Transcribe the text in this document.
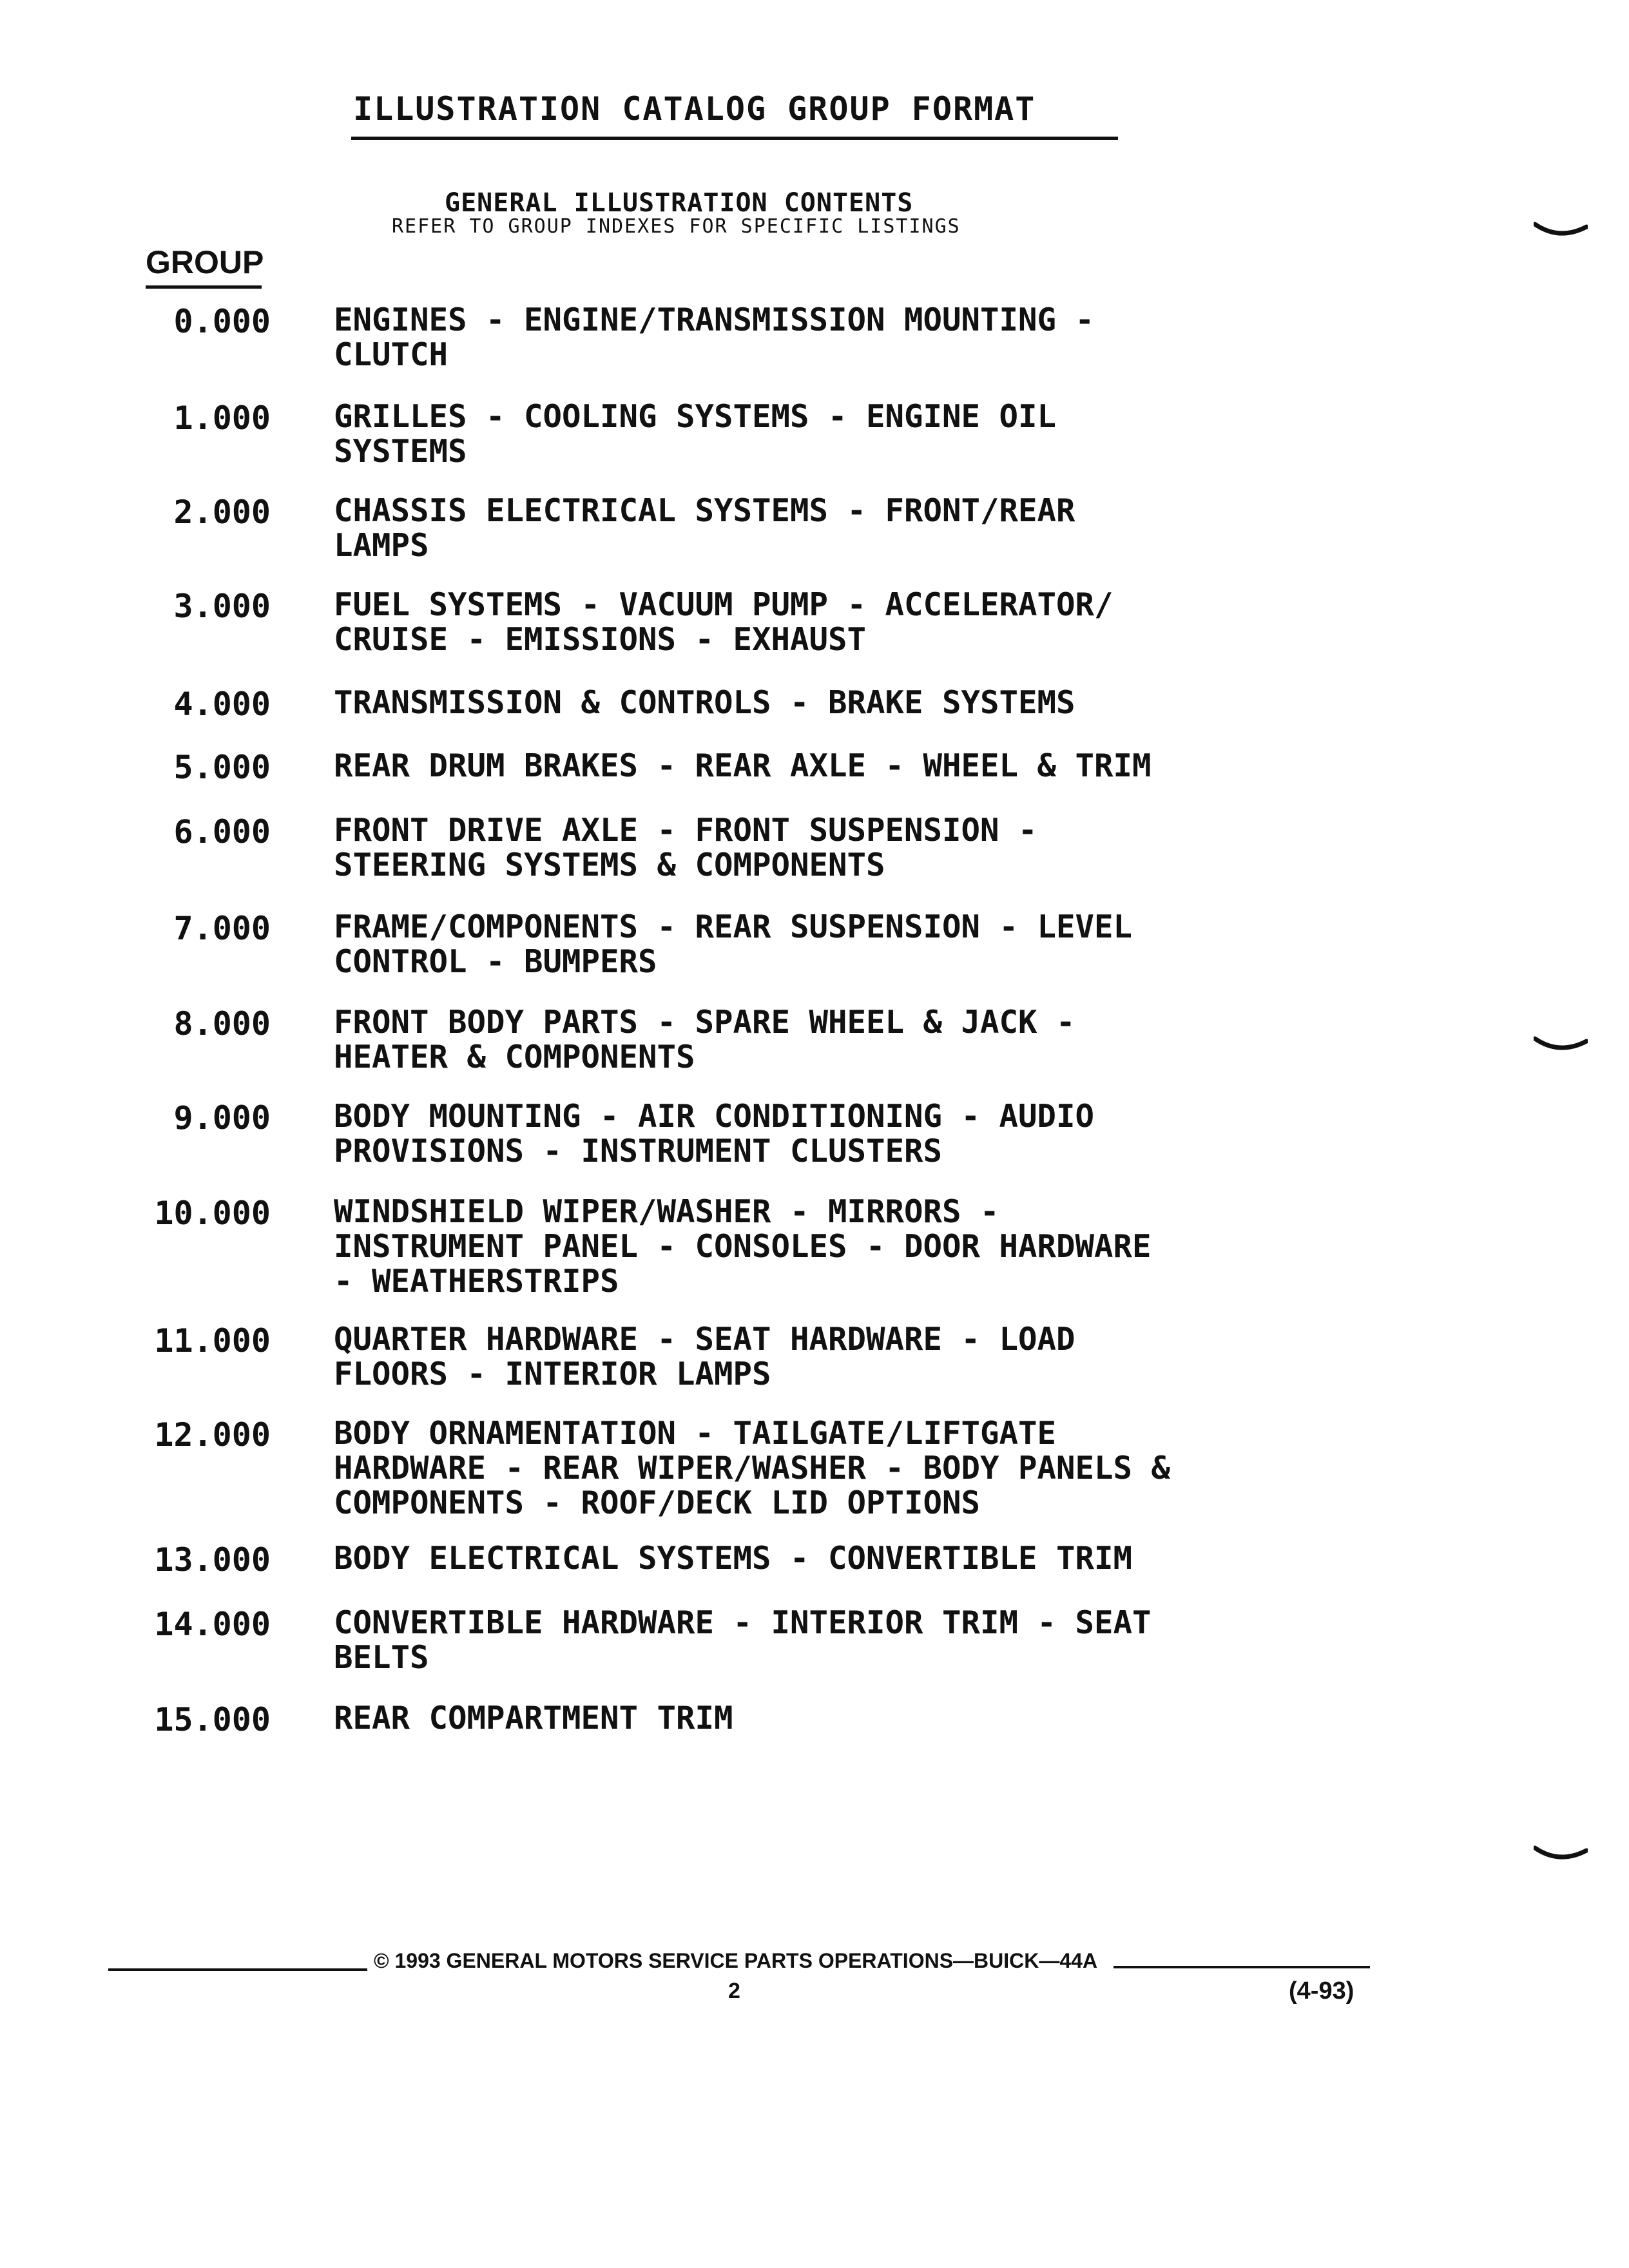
ILLUSTRATION CATALOG GROUP FORMAT
GENERAL ILLUSTRATION CONTENTS
REFER TO GROUP INDEXES FOR SPECIFIC LISTINGS
GROUP
0.000 ENGINES - ENGINE/TRANSMISSION MOUNTING -
CLUTCH
1.000 GRILLES - COOLING SYSTEMS - ENGINE OIL
SYSTEMS
2.000 CHASSIS ELECTRICAL SYSTEMS - FRONT/REAR
LAMPS
3.000 FUEL SYSTEMS - VACUUM PUMP - ACCELERATOR/
CRUISE - EMISSIONS - EXHAUST
4.000 TRANSMISSION & CONTROLS - BRAKE SYSTEMS
5.000 REAR DRUM BRAKES - REAR AXLE - WHEEL & TRIM
6.000 FRONT DRIVE AXLE - FRONT SUSPENSION -
STEERING SYSTEMS & COMPONENTS
7.000 FRAME/COMPONENTS - REAR SUSPENSION - LEVEL
CONTROL - BUMPERS
8.000 FRONT BODY PARTS - SPARE WHEEL & JACK -
HEATER & COMPONENTS
9.000 BODY MOUNTING - AIR CONDITIONING - AUDIO
PROVISIONS - INSTRUMENT CLUSTERS
10.000 WINDSHIELD WIPER/WASHER - MIRRORS -
INSTRUMENT PANEL - CONSOLES - DOOR HARDWARE
- WEATHERSTRIPS
11.000 QUARTER HARDWARE - SEAT HARDWARE - LOAD
FLOORS - INTERIOR LAMPS
12.000 BODY ORNAMENTATION - TAILGATE/LIFTGATE
HARDWARE - REAR WIPER/WASHER - BODY PANELS &
COMPONENTS - ROOF/DECK LID OPTIONS
13.000 BODY ELECTRICAL SYSTEMS - CONVERTIBLE TRIM
14.000 CONVERTIBLE HARDWARE - INTERIOR TRIM - SEAT
BELTS
15.000 REAR COMPARTMENT TRIM
© 1993 GENERAL MOTORS SERVICE PARTS OPERATIONS—BUICK—44A
2	(4-93)
